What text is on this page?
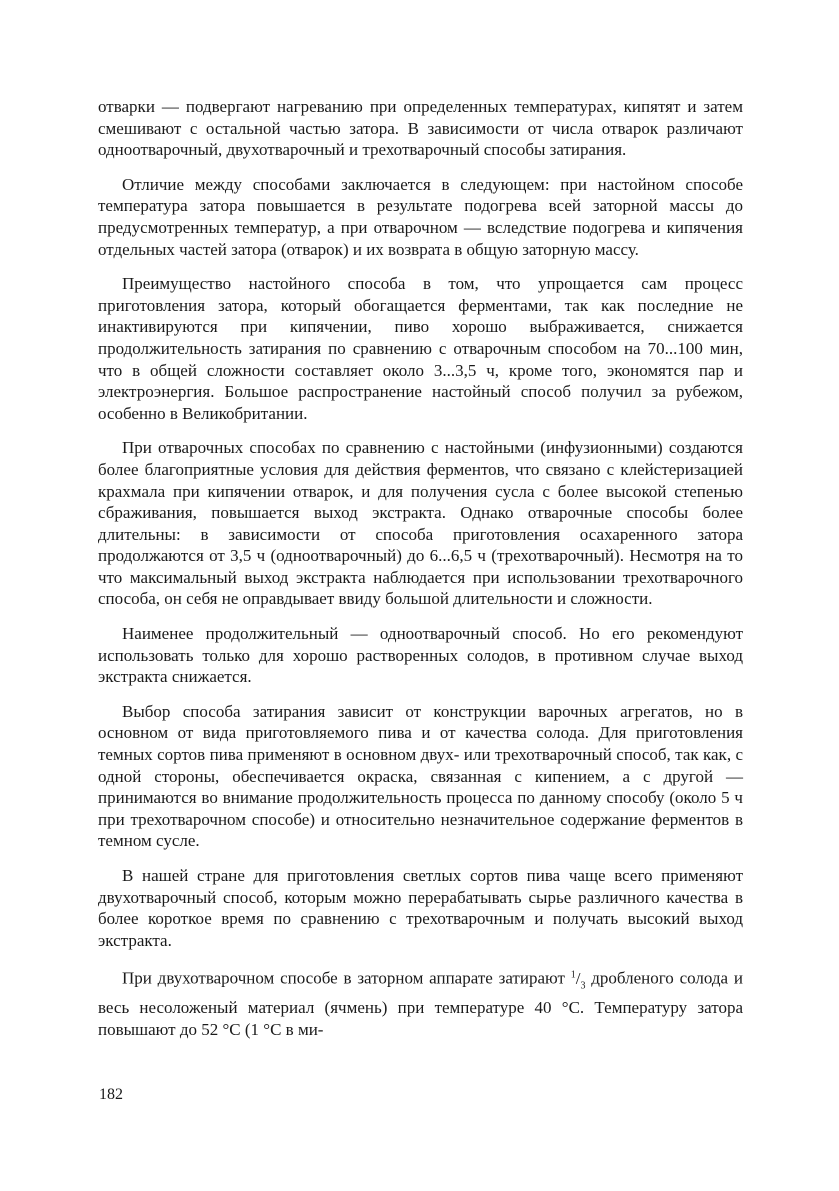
отварки — подвергают нагреванию при определенных температурах, кипятят и затем смешивают с остальной частью затора. В зависимости от числа отварок различают одноотварочный, двухотварочный и трехотварочный способы затирания.

Отличие между способами заключается в следующем: при настойном способе температура затора повышается в результате подогрева всей заторной массы до предусмотренных температур, а при отварочном — вследствие подогрева и кипячения отдельных частей затора (отварок) и их возврата в общую заторную массу.

Преимущество настойного способа в том, что упрощается сам процесс приготовления затора, который обогащается ферментами, так как последние не инактивируются при кипячении, пиво хорошо выбраживается, снижается продолжительность затирания по сравнению с отварочным способом на 70...100 мин, что в общей сложности составляет около 3...3,5 ч, кроме того, экономятся пар и электроэнергия. Большое распространение настойный способ получил за рубежом, особенно в Великобритании.

При отварочных способах по сравнению с настойными (инфузионными) создаются более благоприятные условия для действия ферментов, что связано с клейстеризацией крахмала при кипячении отварок, и для получения сусла с более высокой степенью сбраживания, повышается выход экстракта. Однако отварочные способы более длительны: в зависимости от способа приготовления осахаренного затора продолжаются от 3,5 ч (одноотварочный) до 6...6,5 ч (трехотварочный). Несмотря на то что максимальный выход экстракта наблюдается при использовании трехотварочного способа, он себя не оправдывает ввиду большой длительности и сложности.

Наименее продолжительный — одноотварочный способ. Но его рекомендуют использовать только для хорошо растворенных солодов, в противном случае выход экстракта снижается.

Выбор способа затирания зависит от конструкции варочных агрегатов, но в основном от вида приготовляемого пива и от качества солода. Для приготовления темных сортов пива применяют в основном двух- или трехотварочный способ, так как, с одной стороны, обеспечивается окраска, связанная с кипением, а с другой — принимаются во внимание продолжительность процесса по данному способу (около 5 ч при трехотварочном способе) и относительно незначительное содержание ферментов в темном сусле.

В нашей стране для приготовления светлых сортов пива чаще всего применяют двухотварочный способ, которым можно перерабатывать сырье различного качества в более короткое время по сравнению с трехотварочным и получать высокий выход экстракта.

При двухотварочном способе в заторном аппарате затирают $^1/_3$ дробленого солода и весь несоложеный материал (ячмень) при температуре 40 °С. Температуру затора повышают до 52 °С (1 °С в ми-

182
